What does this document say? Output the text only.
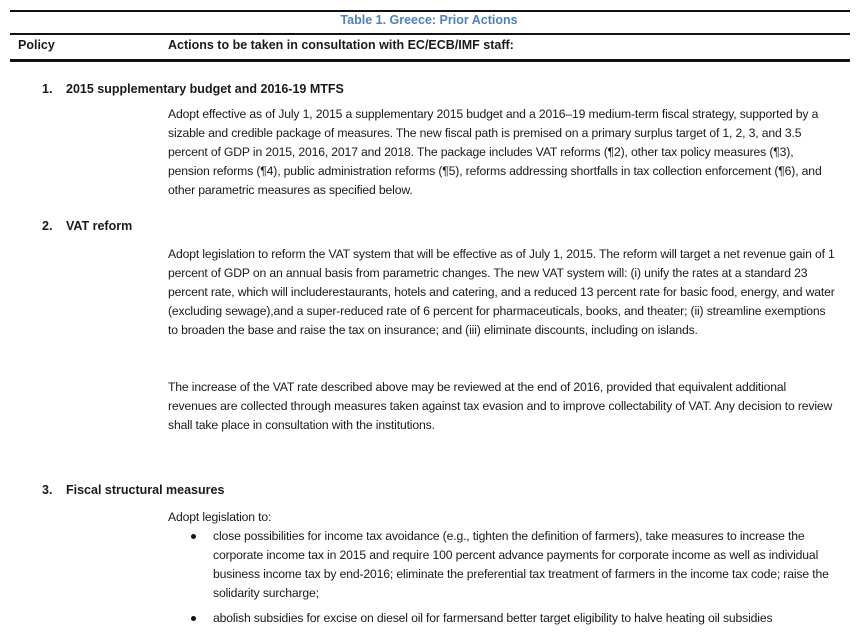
Table 1. Greece: Prior Actions
Policy	Actions to be taken in consultation with EC/ECB/IMF staff:
1. 2015 supplementary budget and 2016-19 MTFS
Adopt effective as of July 1, 2015 a supplementary 2015 budget and a 2016–19 medium-term fiscal strategy, supported by a sizable and credible package of measures. The new fiscal path is premised on a primary surplus target of 1, 2, 3, and 3.5 percent of GDP in 2015, 2016, 2017 and 2018. The package includes VAT reforms (¶2), other tax policy measures (¶3), pension reforms (¶4), public administration reforms (¶5), reforms addressing shortfalls in tax collection enforcement (¶6), and other parametric measures as specified below.
2. VAT reform
Adopt legislation to reform the VAT system that will be effective as of July 1, 2015. The reform will target a net revenue gain of 1 percent of GDP on an annual basis from parametric changes. The new VAT system will: (i) unify the rates at a standard 23 percent rate, which will includerestaurants, hotels and catering, and a reduced 13 percent rate for basic food, energy, and water (excluding sewage),and a super-reduced rate of 6 percent for pharmaceuticals, books, and theater; (ii) streamline exemptions to broaden the base and raise the tax on insurance; and (iii) eliminate discounts, including on islands.
The increase of the VAT rate described above may be reviewed at the end of 2016, provided that equivalent additional revenues are collected through measures taken against tax evasion and to improve collectability of VAT. Any decision to review shall take place in consultation with the institutions.
3. Fiscal structural measures
Adopt legislation to:
close possibilities for income tax avoidance (e.g., tighten the definition of farmers), take measures to increase the corporate income tax in 2015 and require 100 percent advance payments for corporate income as well as individual business income tax by end-2016; eliminate the preferential tax treatment of farmers in the income tax code; raise the solidarity surcharge;
abolish subsidies for excise on diesel oil for farmersand better target eligibility to halve heating oil subsidies
